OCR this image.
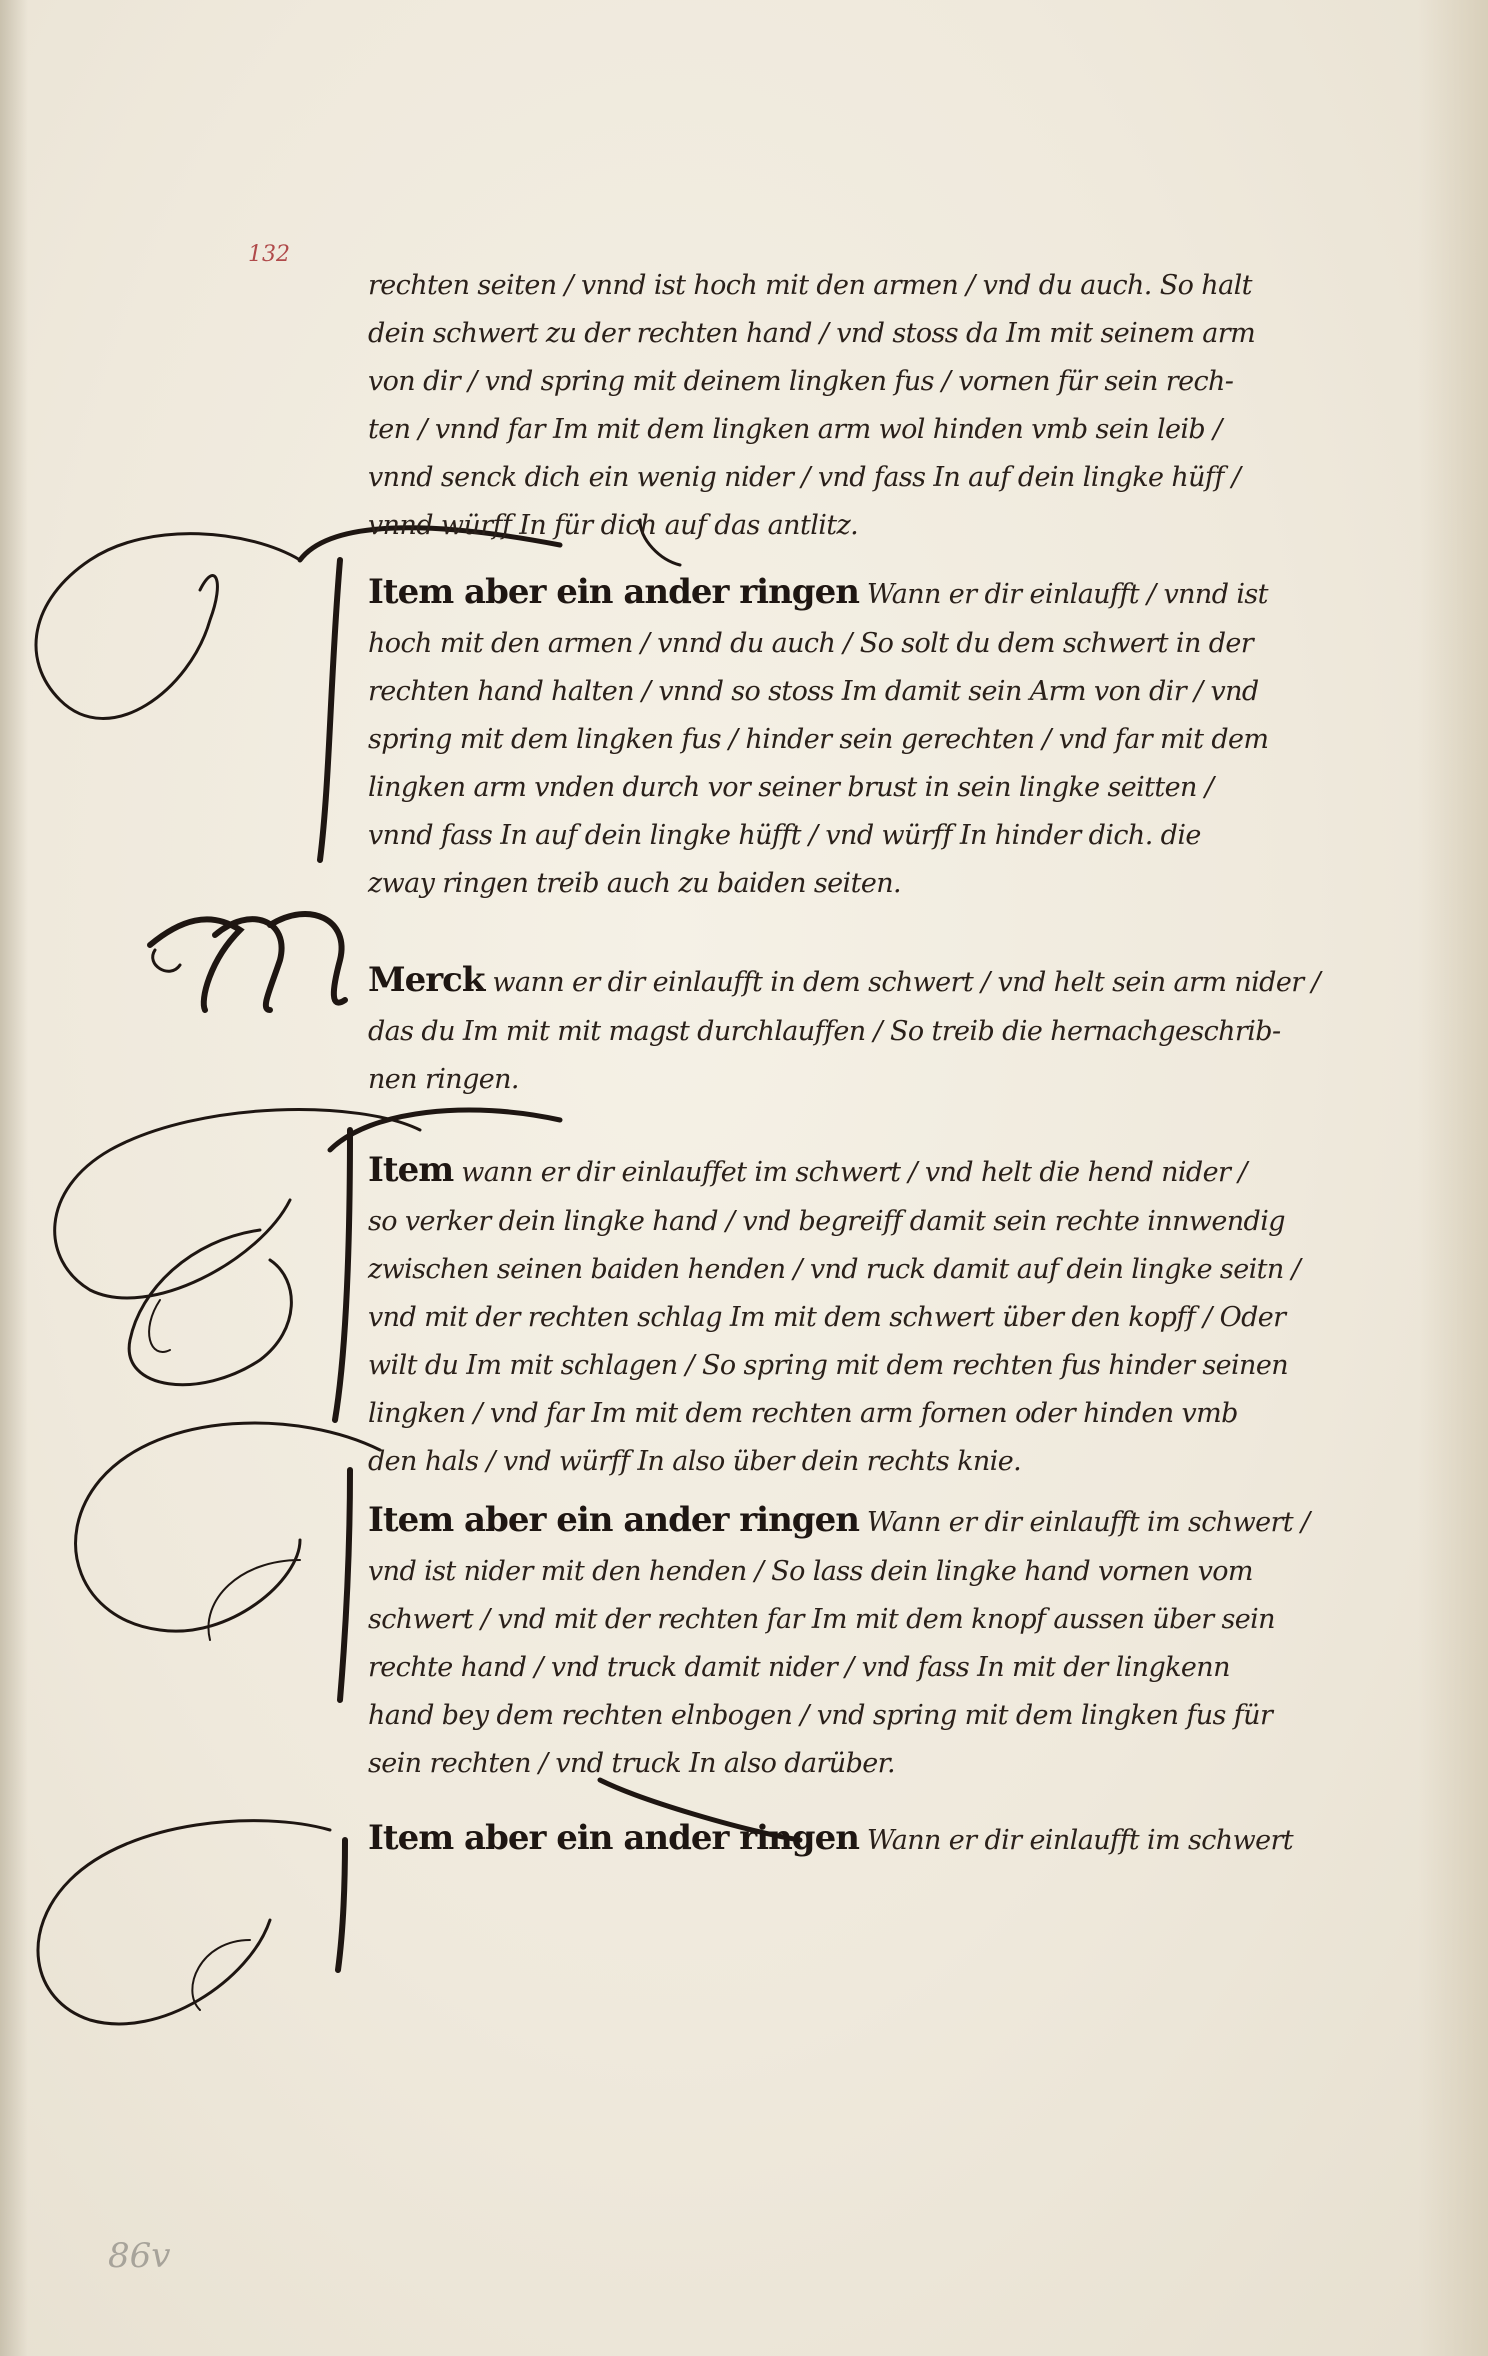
132
rechten seiten / vnnd ist hoch mit den armen / vnd du auch. So halt
dein schwert zu der rechten hand / vnd stoss da Im mit seinem arm
von dir / vnd spring mit deinem lingken fus / vornen für sein rech-
ten / vnnd far Im mit dem lingken arm wol hinden vmb sein leib /
vnnd senck dich ein wenig nider / vnd fass In auf dein lingke hüff /
vnnd würff In für dich auf das antlitz.
Item aber ein ander ringen Wann er dir einlaufft / vnnd ist
hoch mit den armen / vnnd du auch / So solt du dem schwert in der
rechten hand halten / vnnd so stoss Im damit sein Arm von dir / vnd
spring mit dem lingken fus / hinder sein gerechten / vnd far mit dem
lingken arm vnden durch vor seiner brust in sein lingke seitten /
vnnd fass In auf dein lingke hüfft / vnd würff In hinder dich. die
zway ringen treib auch zu baiden seiten.
Merck wann er dir einlaufft in dem schwert / vnd helt sein arm nider /
das du Im mit mit magst durchlauffen / So treib die hernachgeschrib-
nen ringen.
Item wann er dir einlauffet im schwert / vnd helt die hend nider /
so verker dein lingke hand / vnd begreiff damit sein rechte innwendig
zwischen seinen baiden henden / vnd ruck damit auf dein lingke seitn /
vnd mit der rechten schlag Im mit dem schwert über den kopff / Oder
wilt du Im mit schlagen / So spring mit dem rechten fus hinder seinen
lingken / vnd far Im mit dem rechten arm fornen oder hinden vmb
den hals / vnd würff In also über dein rechts knie.
Item aber ein ander ringen Wann er dir einlaufft im schwert /
vnd ist nider mit den henden / So lass dein lingke hand vornen vom
schwert / vnd mit der rechten far Im mit dem knopf aussen über sein
rechte hand / vnd truck damit nider / vnd fass In mit der lingkenn
hand bey dem rechten elnbogen / vnd spring mit dem lingken fus für
sein rechten / vnd truck In also darüber.
Item aber ein ander ringen Wann er dir einlaufft im schwert
86v
